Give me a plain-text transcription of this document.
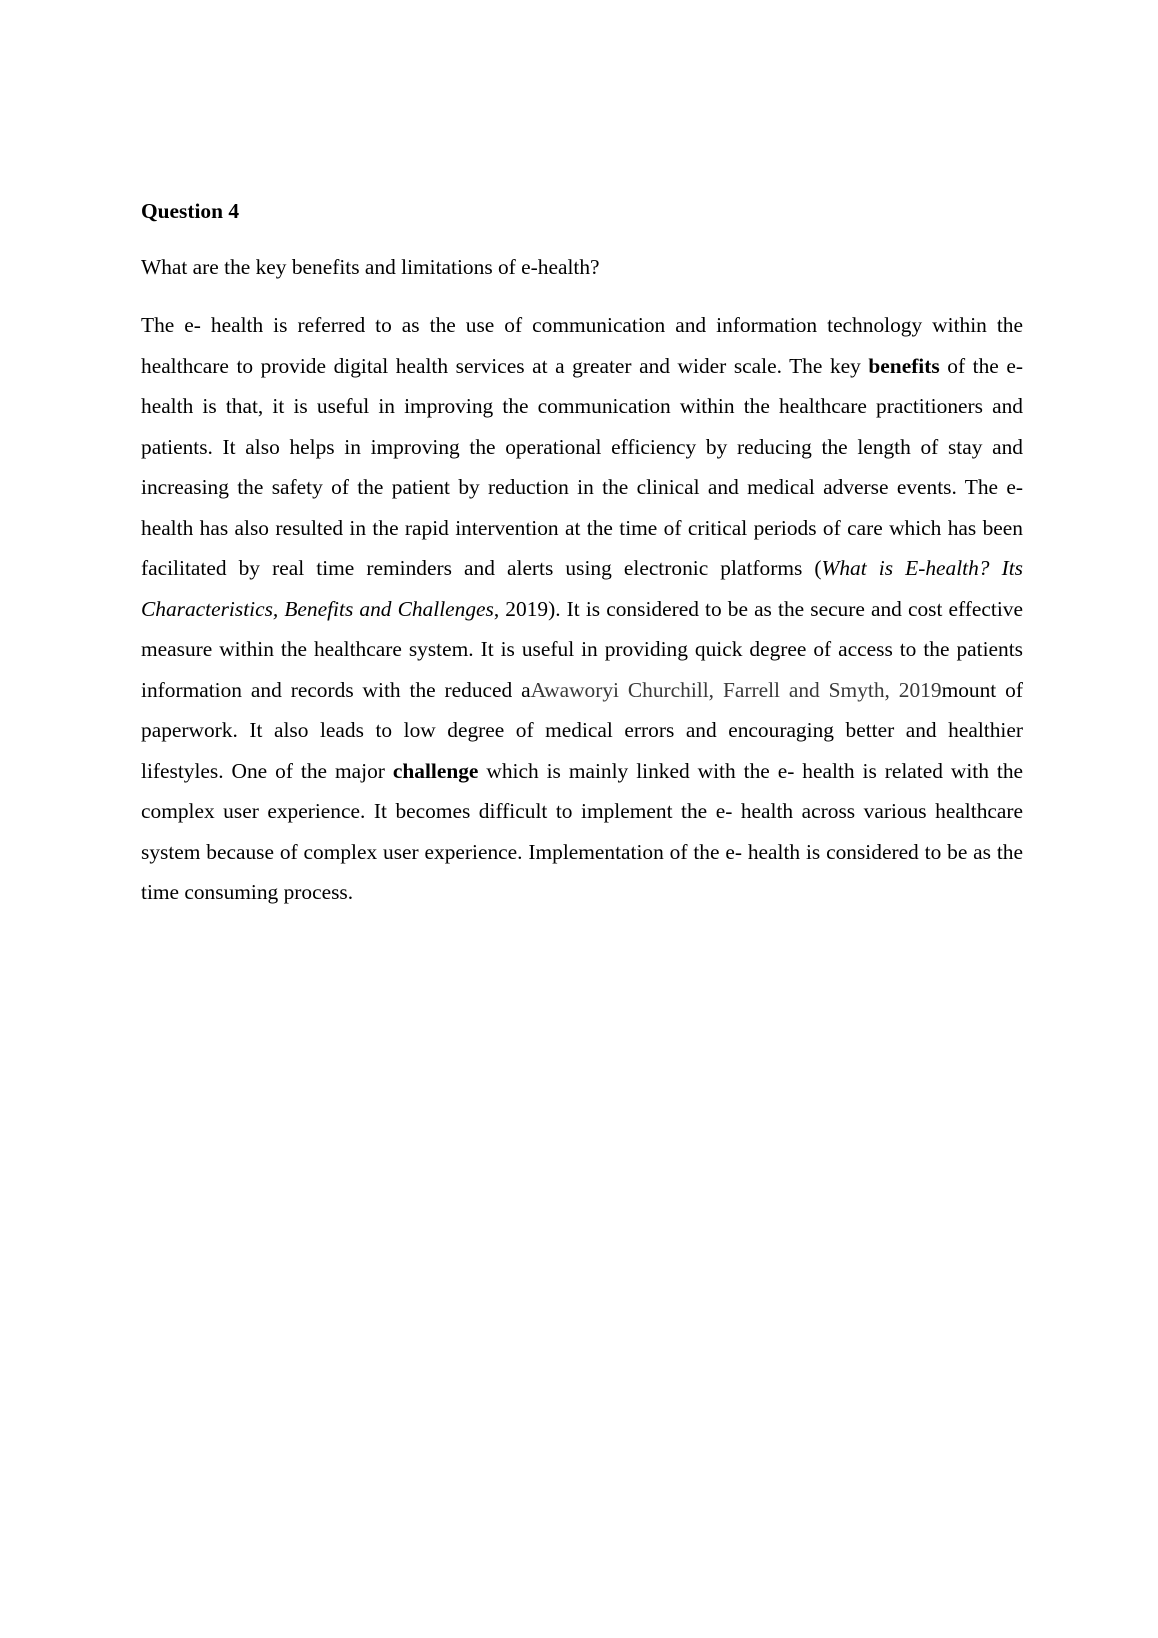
Question 4

What are the key benefits and limitations of e-health?

The e- health is referred to as the use of communication and information technology within the healthcare to provide digital health services at a greater and wider scale. The key benefits of the e- health is that, it is useful in improving the communication within the healthcare practitioners and patients. It also helps in improving the operational efficiency by reducing the length of stay and increasing the safety of the patient by reduction in the clinical and medical adverse events. The e- health has also resulted in the rapid intervention at the time of critical periods of care which has been facilitated by real time reminders and alerts using electronic platforms (What is E-health? Its Characteristics, Benefits and Challenges, 2019). It is considered to be as the secure and cost effective measure within the healthcare system. It is useful in providing quick degree of access to the patients information and records with the reduced aAwaworyi Churchill, Farrell and Smyth, 2019mount of paperwork. It also leads to low degree of medical errors and encouraging better and healthier lifestyles. One of the major challenge which is mainly linked with the e- health is related with the complex user experience. It becomes difficult to implement the e- health across various healthcare system because of complex user experience. Implementation of the e- health is considered to be as the time consuming process.
